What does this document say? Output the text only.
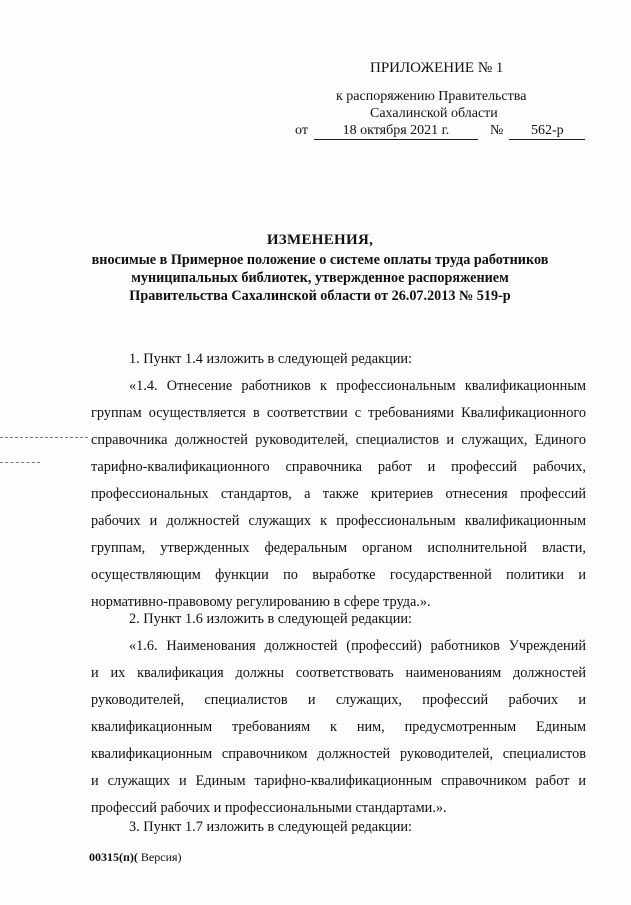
ПРИЛОЖЕНИЕ № 1
к распоряжению Правительства
Сахалинской области
от 18 октября 2021 г.	№ 562-р
ИЗМЕНЕНИЯ,
вносимые в Примерное положение о системе оплаты труда работников
муниципальных библиотек, утвержденное распоряжением
Правительства Сахалинской области от 26.07.2013 № 519-р
1. Пункт 1.4 изложить в следующей редакции:
«1.4. Отнесение работников к профессиональным квалификационным
группам осуществляется в соответствии с требованиями Квалификационного
справочника должностей руководителей, специалистов и служащих, Единого
тарифно-квалификационного справочника работ и профессий рабочих,
профессиональных стандартов, а также критериев отнесения профессий
рабочих и должностей служащих к профессиональным квалификационным
группам, утвержденных федеральным органом исполнительной власти,
осуществляющим функции по выработке государственной политики и
нормативно-правовому регулированию в сфере труда.».
2. Пункт 1.6 изложить в следующей редакции:
«1.6. Наименования должностей (профессий) работников Учреждений
и их квалификация должны соответствовать наименованиям должностей
руководителей, специалистов и служащих, профессий рабочих и
квалификационным требованиям к ним, предусмотренным Единым
квалификационным справочником должностей руководителей, специалистов
и служащих и Единым тарифно-квалификационным справочником работ и
профессий рабочих и профессиональными стандартами.».
3. Пункт 1.7 изложить в следующей редакции:
00315(п)( Версия)
